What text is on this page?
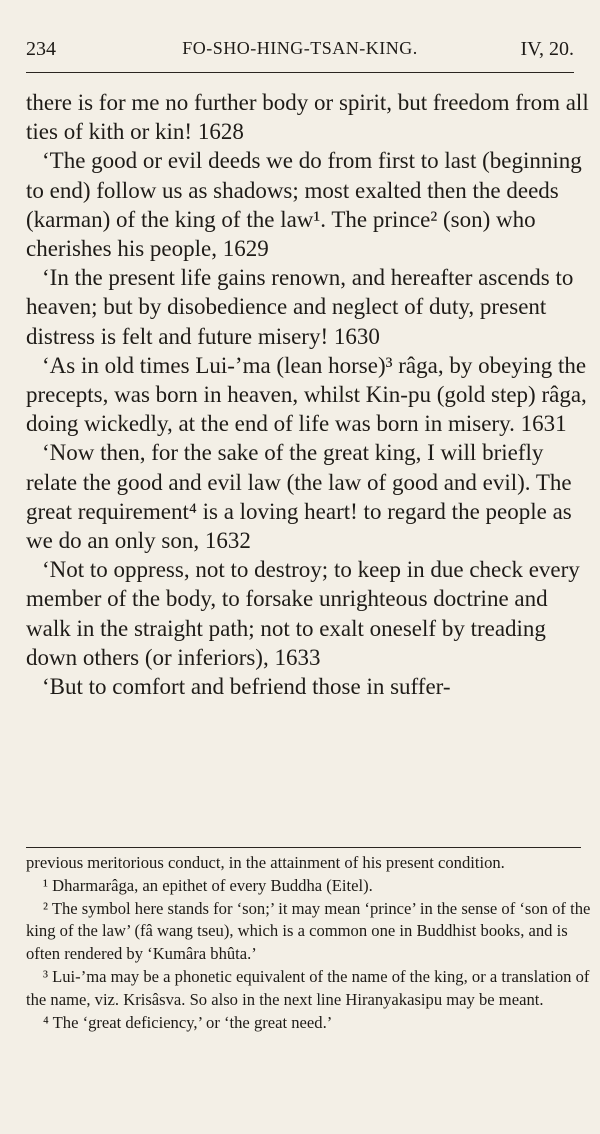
234	FO-SHO-HING-TSAN-KING.	IV, 20.

there is for me no further body or spirit, but freedom from all ties of kith or kin! 1628

‘The good or evil deeds we do from first to last (beginning to end) follow us as shadows; most exalted then the deeds (karman) of the king of the law¹. The prince² (son) who cherishes his people, 1629

‘In the present life gains renown, and hereafter ascends to heaven; but by disobedience and neglect of duty, present distress is felt and future misery! 1630

‘As in old times Lui-’ma (lean horse)³ râga, by obeying the precepts, was born in heaven, whilst Kin-pu (gold step) râga, doing wickedly, at the end of life was born in misery. 1631

‘Now then, for the sake of the great king, I will briefly relate the good and evil law (the law of good and evil). The great requirement⁴ is a loving heart! to regard the people as we do an only son, 1632

‘Not to oppress, not to destroy; to keep in due check every member of the body, to forsake unrighteous doctrine and walk in the straight path; not to exalt oneself by treading down others (or inferiors), 1633

‘But to comfort and befriend those in suffer-

previous meritorious conduct, in the attainment of his present condition.

¹ Dharmarâga, an epithet of every Buddha (Eitel).

² The symbol here stands for ‘son;’ it may mean ‘prince’ in the sense of ‘son of the king of the law’ (fâ wang tseu), which is a common one in Buddhist books, and is often rendered by ‘Kumâra bhûta.’

³ Lui-’ma may be a phonetic equivalent of the name of the king, or a translation of the name, viz. Krisâsva. So also in the next line Hiranyakasipu may be meant.

⁴ The ‘great deficiency,’ or ‘the great need.’
